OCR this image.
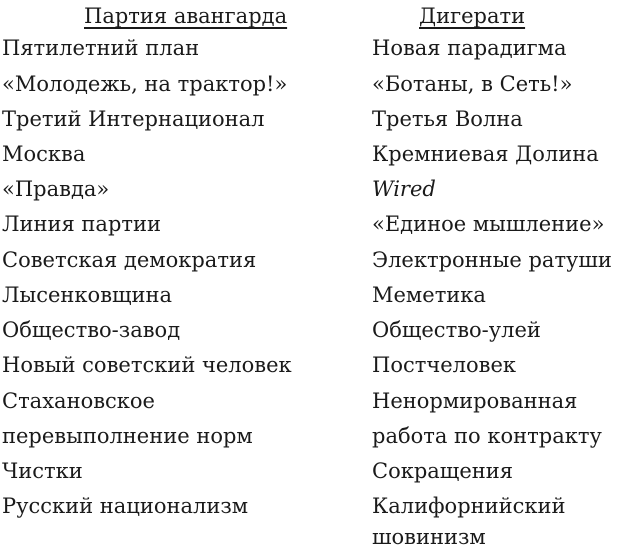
Партия авангарда
Пятилетний план
«Молодежь, на трактор!»
Третий Интернационал
Москва
«Правда»
Линия партии
Советская демократия
Лысенковщина
Общество-завод
Новый советский человек
Стахановское
перевыполнение норм
Чистки
Русский национализм
Дигерати
Новая парадигма
«Ботаны, в Сеть!»
Третья Волна
Кремниевая Долина
Wired
«Единое мышление»
Электронные ратуши
Меметика
Общество-улей
Постчеловек
Ненормированная
работа по контракту
Сокращения
Калифорнийский
шовинизм
